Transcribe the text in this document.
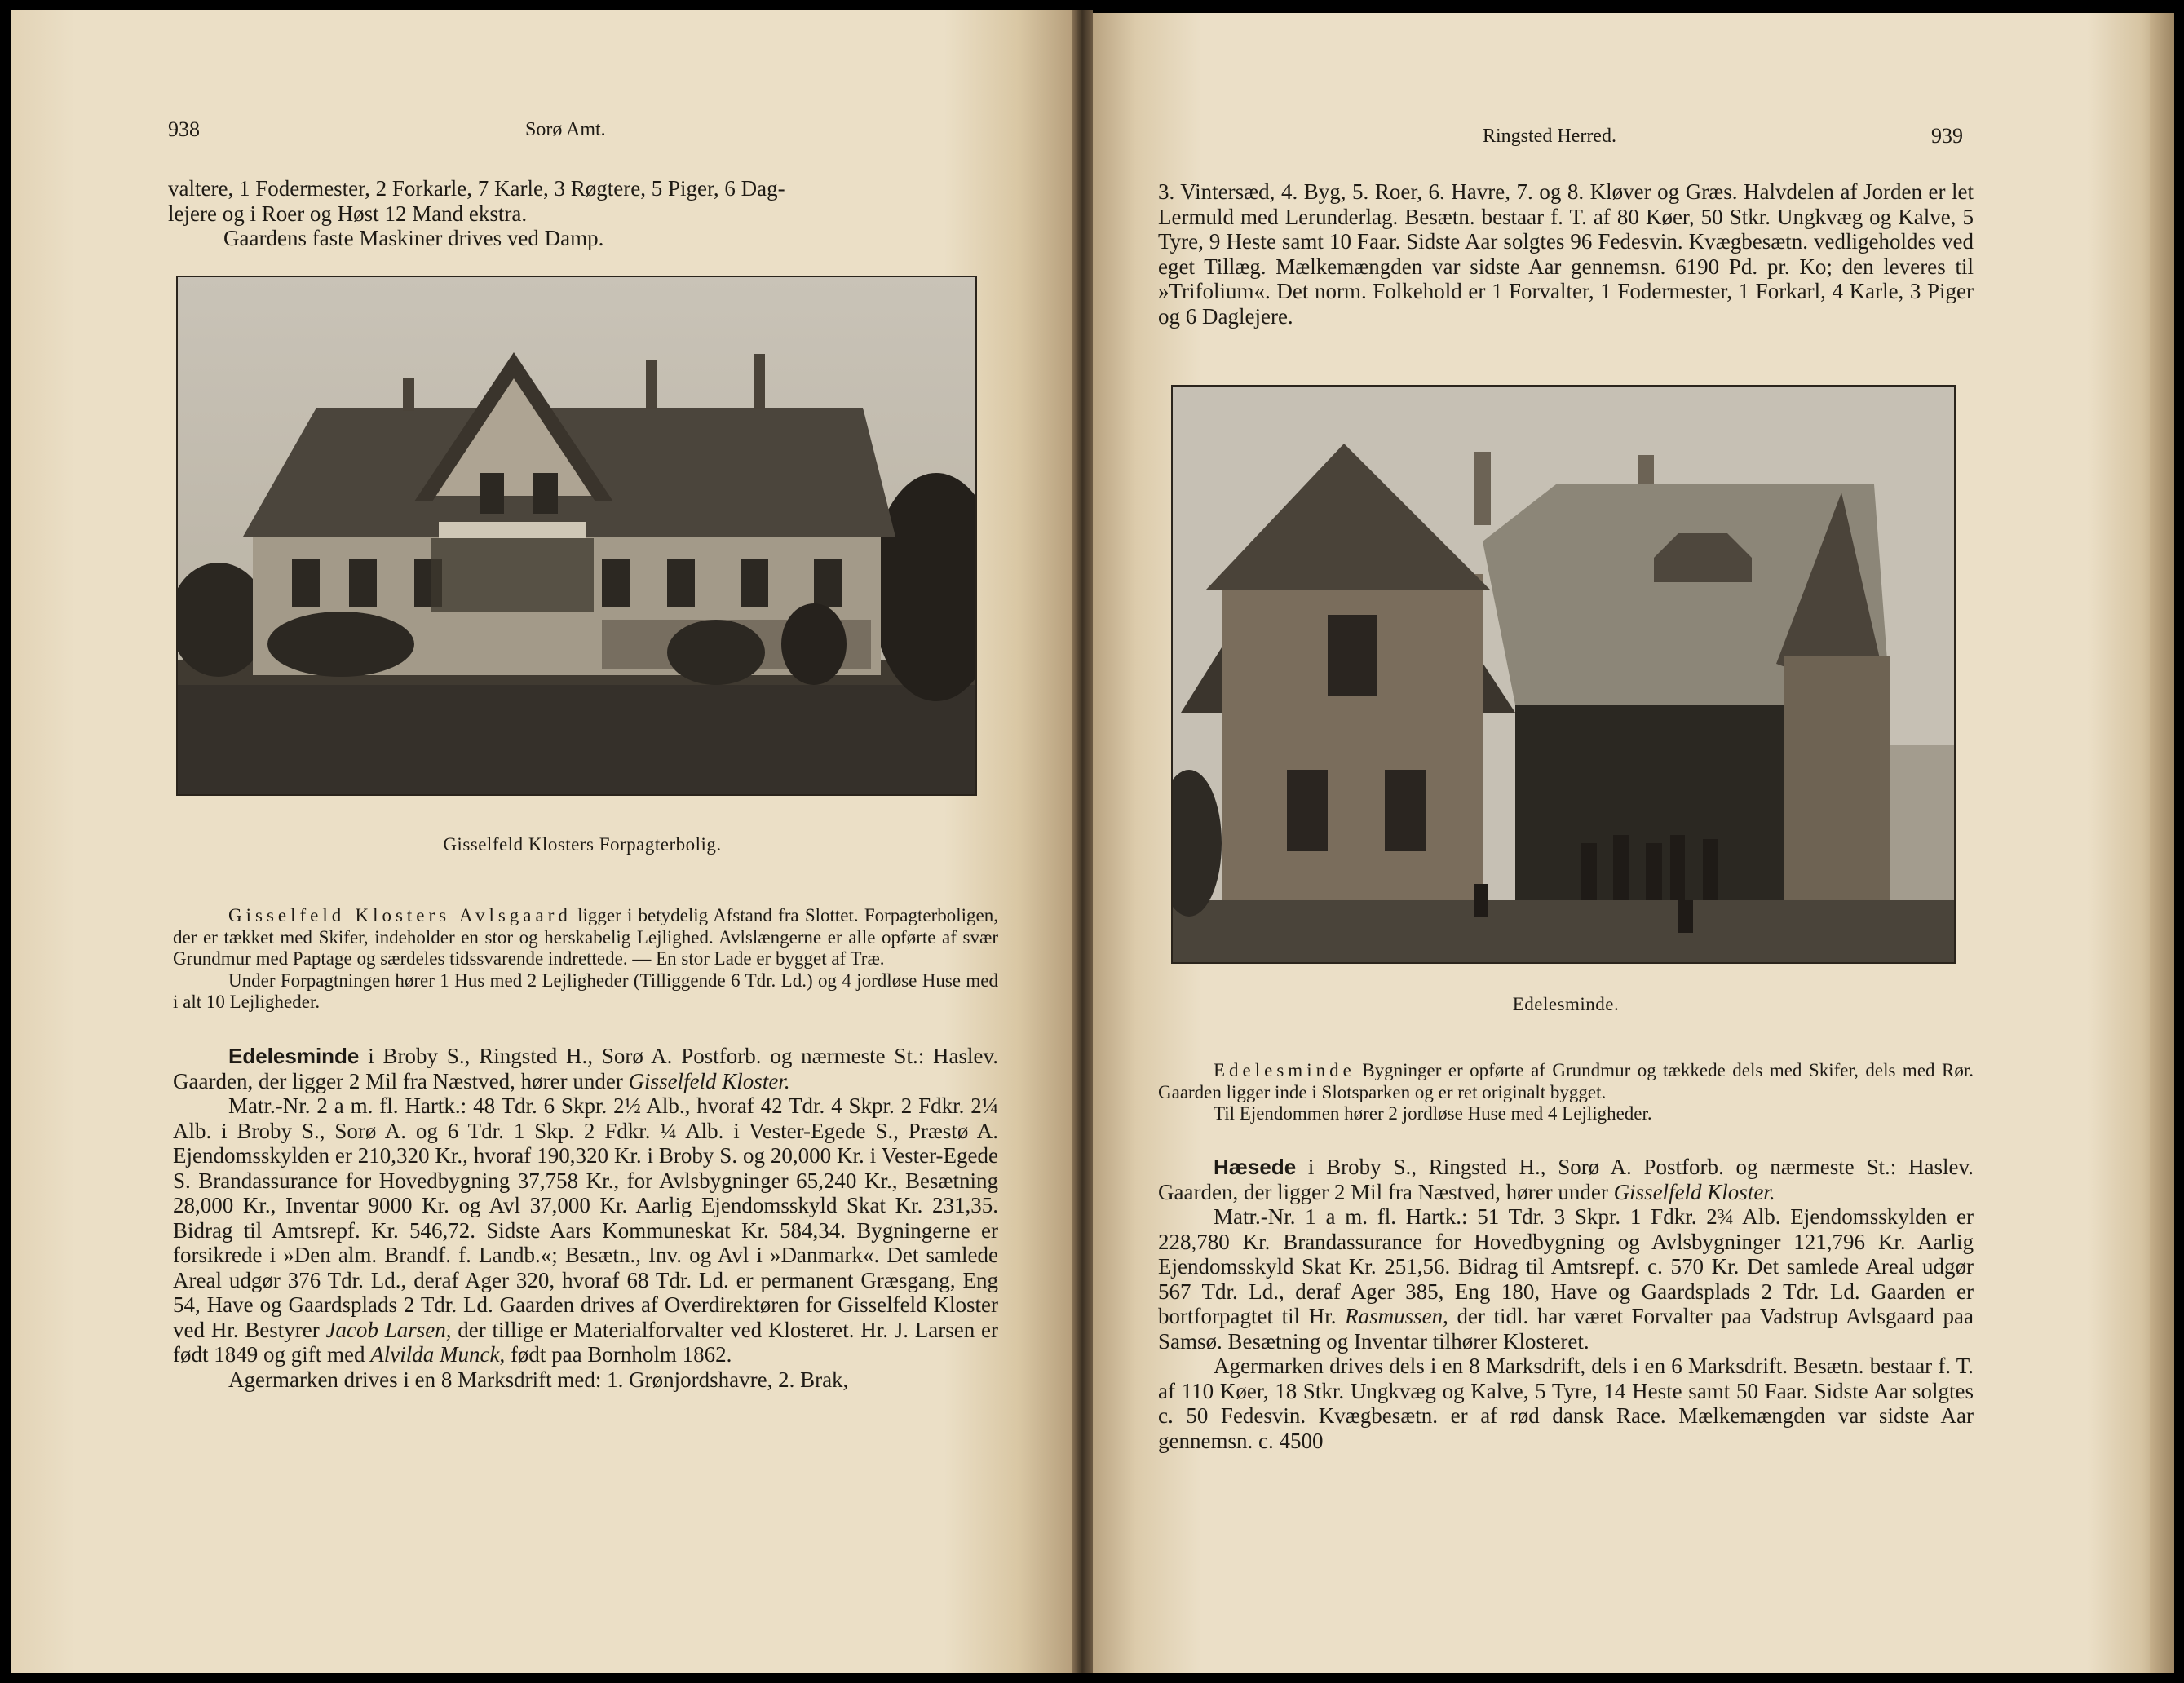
938	Sorø Amt.

valtere, 1 Fodermester, 2 Forkarle, 7 Karle, 3 Røgtere, 5 Piger, 6 Dag-

lejere og i Roer og Høst 12 Mand ekstra.

Gaardens faste Maskiner drives ved Damp.

Gisselfeld Klosters Forpagterbolig.

Gisselfeld Klosters Avlsgaard ligger i betydelig Afstand fra Slottet. Forpagterboligen, der er tækket med Skifer, indeholder en stor og herskabelig Lejlighed. Avlslængerne er alle opførte af svær Grundmur med Paptage og særdeles tidssvarende indrettede. — En stor Lade er bygget af Træ.

Under Forpagtningen hører 1 Hus med 2 Lejligheder (Tilliggende 6 Tdr. Ld.) og 4 jordløse Huse med i alt 10 Lejligheder.

Edelesminde i Broby S., Ringsted H., Sorø A. Postforb. og nærmeste St.: Haslev. Gaarden, der ligger 2 Mil fra Næstved, hører under Gisselfeld Kloster.

Matr.-Nr. 2 a m. fl. Hartk.: 48 Tdr. 6 Skpr. 2½ Alb., hvoraf 42 Tdr. 4 Skpr. 2 Fdkr. 2¼ Alb. i Broby S., Sorø A. og 6 Tdr. 1 Skp. 2 Fdkr. ¼ Alb. i Vester-Egede S., Præstø A. Ejendomsskylden er 210,320 Kr., hvoraf 190,320 Kr. i Broby S. og 20,000 Kr. i Vester-Egede S. Brandassurance for Hovedbygning 37,758 Kr., for Avlsbygninger 65,240 Kr., Besætning 28,000 Kr., Inventar 9000 Kr. og Avl 37,000 Kr. Aarlig Ejendomsskyld Skat Kr. 231,35. Bidrag til Amtsrepf. Kr. 546,72. Sidste Aars Kommuneskat Kr. 584,34. Bygningerne er forsikrede i »Den alm. Brandf. f. Landb.«; Besætn., Inv. og Avl i »Danmark«. Det samlede Areal udgør 376 Tdr. Ld., deraf Ager 320, hvoraf 68 Tdr. Ld. er permanent Græsgang, Eng 54, Have og Gaardsplads 2 Tdr. Ld. Gaarden drives af Overdirektøren for Gisselfeld Kloster ved Hr. Bestyrer Jacob Larsen, der tillige er Materialforvalter ved Klosteret. Hr. J. Larsen er født 1849 og gift med Alvilda Munck, født paa Bornholm 1862.

Agermarken drives i en 8 Marksdrift med: 1. Grønjordshavre, 2. Brak,

Ringsted Herred.	939

3. Vintersæd, 4. Byg, 5. Roer, 6. Havre, 7. og 8. Kløver og Græs. Halvdelen af Jorden er let Lermuld med Lerunderlag. Besætn. bestaar f. T. af 80 Køer, 50 Stkr. Ungkvæg og Kalve, 5 Tyre, 9 Heste samt 10 Faar. Sidste Aar solgtes 96 Fedesvin. Kvægbesætn. vedligeholdes ved eget Tillæg. Mælkemængden var sidste Aar gennemsn. 6190 Pd. pr. Ko; den leveres til »Trifolium«. Det norm. Folkehold er 1 Forvalter, 1 Fodermester, 1 Forkarl, 4 Karle, 3 Piger og 6 Daglejere.

Edelesminde.

Edelesminde Bygninger er opførte af Grundmur og tækkede dels med Skifer, dels med Rør. Gaarden ligger inde i Slotsparken og er ret originalt bygget.

Til Ejendommen hører 2 jordløse Huse med 4 Lejligheder.

Hæsede i Broby S., Ringsted H., Sorø A. Postforb. og nærmeste St.: Haslev. Gaarden, der ligger 2 Mil fra Næstved, hører under Gisselfeld Kloster.

Matr.-Nr. 1 a m. fl. Hartk.: 51 Tdr. 3 Skpr. 1 Fdkr. 2¾ Alb. Ejendomsskylden er 228,780 Kr. Brandassurance for Hovedbygning og Avlsbygninger 121,796 Kr. Aarlig Ejendomsskyld Skat Kr. 251,56. Bidrag til Amtsrepf. c. 570 Kr. Det samlede Areal udgør 567 Tdr. Ld., deraf Ager 385, Eng 180, Have og Gaardsplads 2 Tdr. Ld. Gaarden er bortforpagtet til Hr. Rasmussen, der tidl. har været Forvalter paa Vadstrup Avlsgaard paa Samsø. Besætning og Inventar tilhører Klosteret.

Agermarken drives dels i en 8 Marksdrift, dels i en 6 Marksdrift. Besætn. bestaar f. T. af 110 Køer, 18 Stkr. Ungkvæg og Kalve, 5 Tyre, 14 Heste samt 50 Faar. Sidste Aar solgtes c. 50 Fedesvin. Kvægbesætn. er af rød dansk Race. Mælkemængden var sidste Aar gennemsn. c. 4500
